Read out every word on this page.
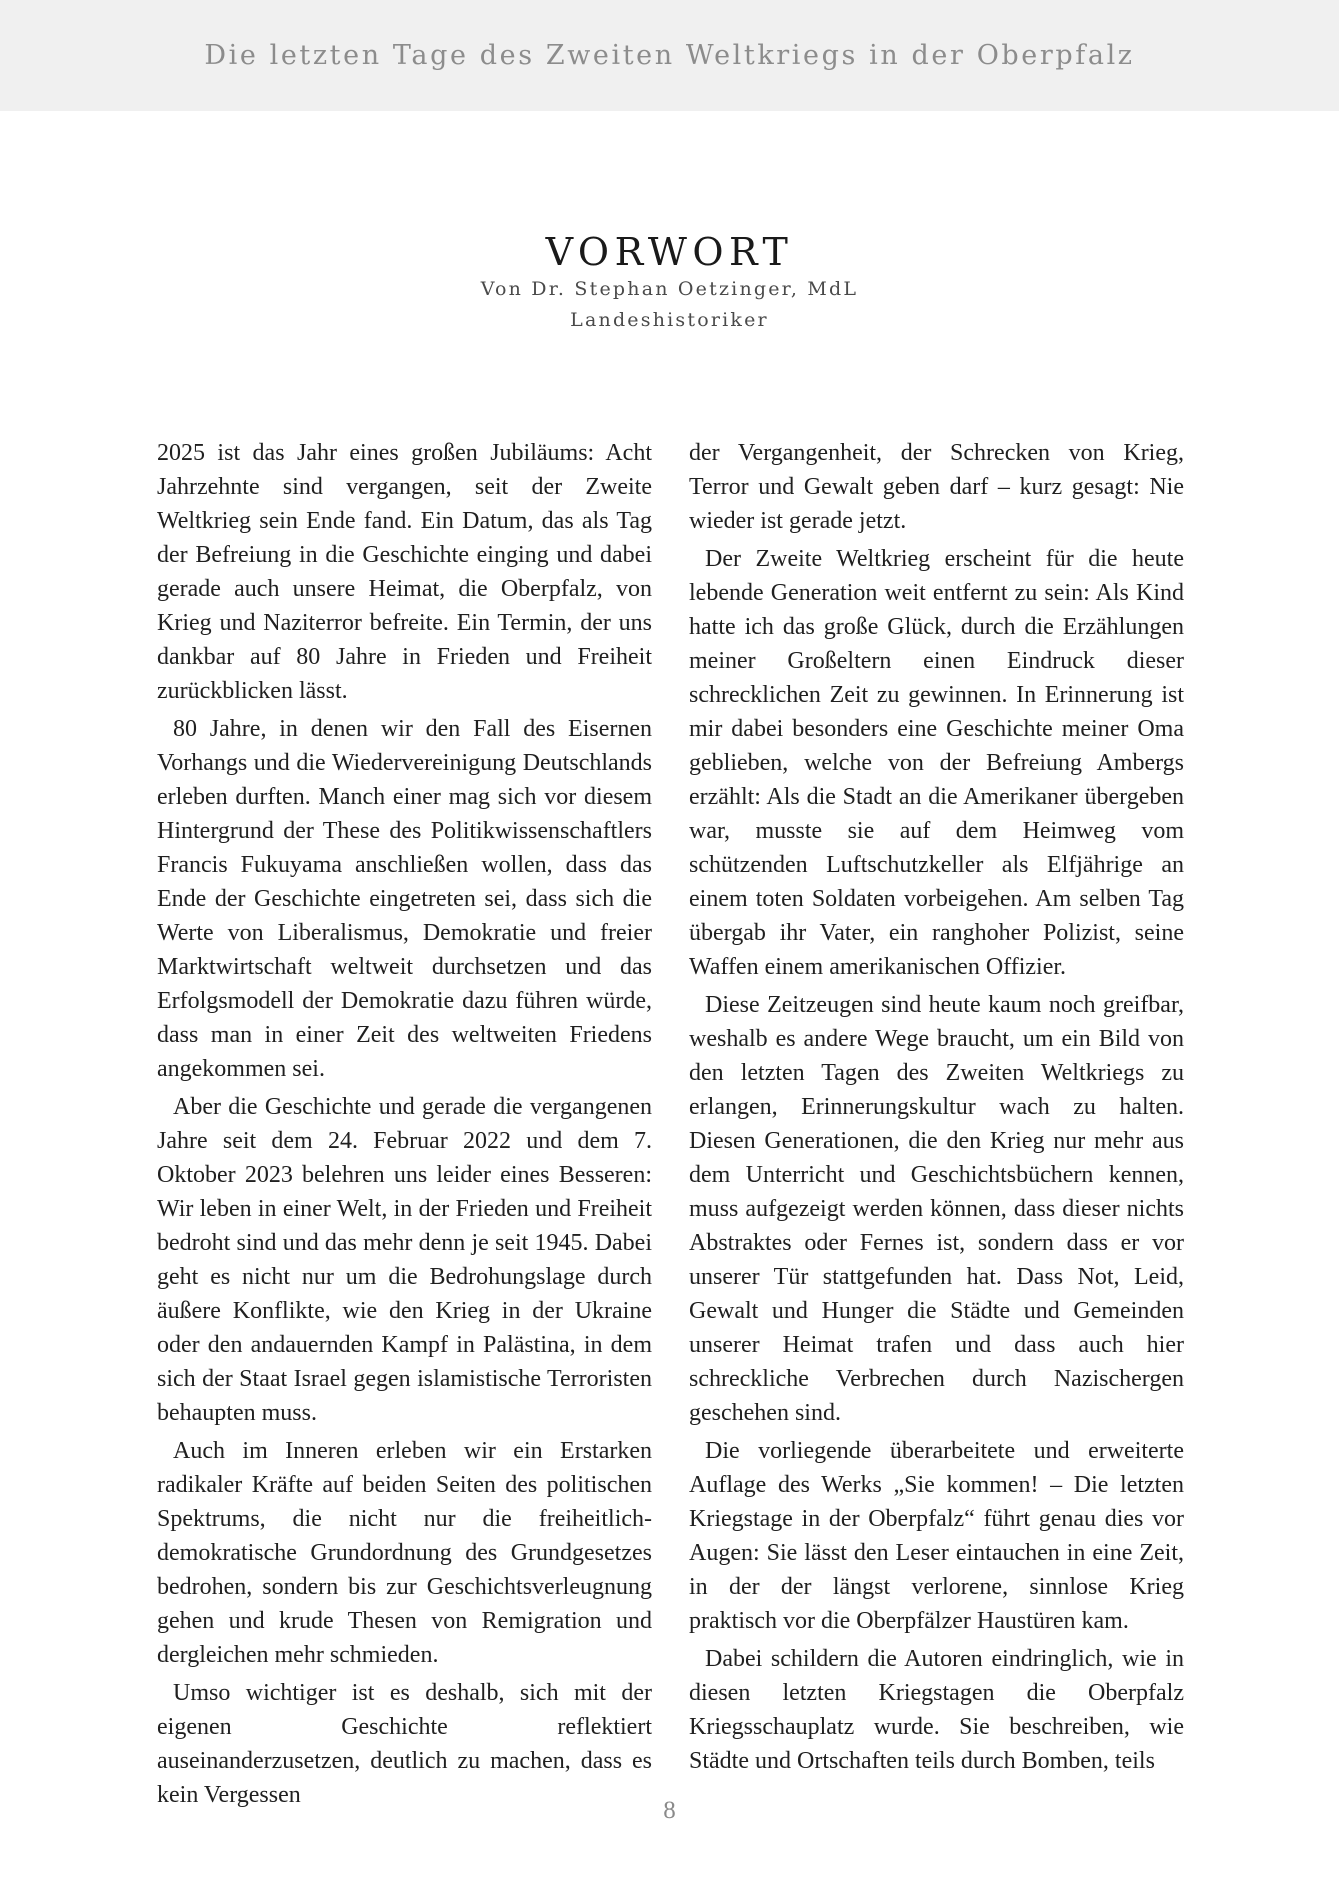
Die letzten Tage des Zweiten Weltkriegs in der Oberpfalz
VORWORT
Von Dr. Stephan Oetzinger, MdL
Landeshistoriker

2025 ist das Jahr eines großen Jubiläums: Acht Jahrzehnte sind vergangen, seit der Zweite Weltkrieg sein Ende fand. Ein Datum, das als Tag der Befreiung in die Geschichte einging und dabei gerade auch unsere Heimat, die Oberpfalz, von Krieg und Naziterror befreite. Ein Termin, der uns dankbar auf 80 Jahre in Frieden und Freiheit zurückblicken lässt.

80 Jahre, in denen wir den Fall des Eisernen Vorhangs und die Wiedervereinigung Deutschlands erleben durften. Manch einer mag sich vor diesem Hintergrund der These des Politikwissenschaftlers Francis Fukuyama anschließen wollen, dass das Ende der Geschichte eingetreten sei, dass sich die Werte von Liberalismus, Demokratie und freier Marktwirtschaft weltweit durchsetzen und das Erfolgsmodell der Demokratie dazu führen würde, dass man in einer Zeit des weltweiten Friedens angekommen sei.

Aber die Geschichte und gerade die vergangenen Jahre seit dem 24. Februar 2022 und dem 7. Oktober 2023 belehren uns leider eines Besseren: Wir leben in einer Welt, in der Frieden und Freiheit bedroht sind und das mehr denn je seit 1945. Dabei geht es nicht nur um die Bedrohungslage durch äußere Konflikte, wie den Krieg in der Ukraine oder den andauernden Kampf in Palästina, in dem sich der Staat Israel gegen islamistische Terroristen behaupten muss.

Auch im Inneren erleben wir ein Erstarken radikaler Kräfte auf beiden Seiten des politischen Spektrums, die nicht nur die freiheitlich-demokratische Grundordnung des Grundgesetzes bedrohen, sondern bis zur Geschichtsverleugnung gehen und krude Thesen von Remigration und dergleichen mehr schmieden.

Umso wichtiger ist es deshalb, sich mit der eigenen Geschichte reflektiert auseinanderzusetzen, deutlich zu machen, dass es kein Vergessen

der Vergangenheit, der Schrecken von Krieg, Terror und Gewalt geben darf – kurz gesagt: Nie wieder ist gerade jetzt.

Der Zweite Weltkrieg erscheint für die heute lebende Generation weit entfernt zu sein: Als Kind hatte ich das große Glück, durch die Erzählungen meiner Großeltern einen Eindruck dieser schrecklichen Zeit zu gewinnen. In Erinnerung ist mir dabei besonders eine Geschichte meiner Oma geblieben, welche von der Befreiung Ambergs erzählt: Als die Stadt an die Amerikaner übergeben war, musste sie auf dem Heimweg vom schützenden Luftschutzkeller als Elfjährige an einem toten Soldaten vorbeigehen. Am selben Tag übergab ihr Vater, ein ranghoher Polizist, seine Waffen einem amerikanischen Offizier.

Diese Zeitzeugen sind heute kaum noch greifbar, weshalb es andere Wege braucht, um ein Bild von den letzten Tagen des Zweiten Weltkriegs zu erlangen, Erinnerungskultur wach zu halten. Diesen Generationen, die den Krieg nur mehr aus dem Unterricht und Geschichtsbüchern kennen, muss aufgezeigt werden können, dass dieser nichts Abstraktes oder Fernes ist, sondern dass er vor unserer Tür stattgefunden hat. Dass Not, Leid, Gewalt und Hunger die Städte und Gemeinden unserer Heimat trafen und dass auch hier schreckliche Verbrechen durch Nazischergen geschehen sind.

Die vorliegende überarbeitete und erweiterte Auflage des Werks „Sie kommen! – Die letzten Kriegstage in der Oberpfalz“ führt genau dies vor Augen: Sie lässt den Leser eintauchen in eine Zeit, in der der längst verlorene, sinnlose Krieg praktisch vor die Oberpfälzer Haustüren kam.

Dabei schildern die Autoren eindringlich, wie in diesen letzten Kriegstagen die Oberpfalz Kriegsschauplatz wurde. Sie beschreiben, wie Städte und Ortschaften teils durch Bomben, teils

8
